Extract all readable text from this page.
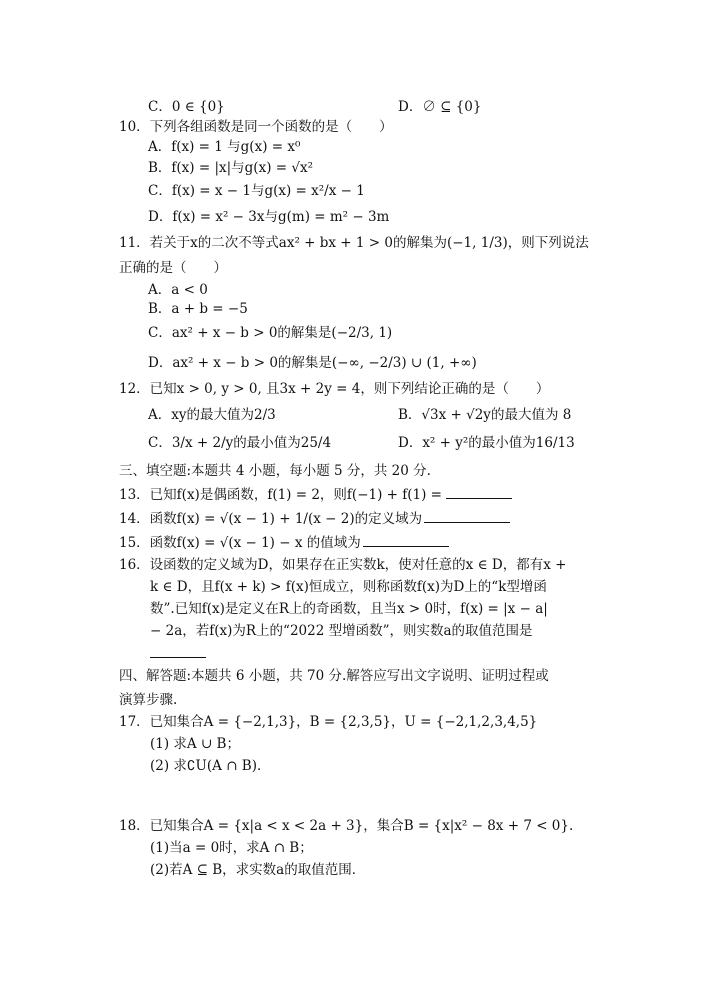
C．0 ∈ {0}	D．∅ ⊆ {0}
10．下列各组函数是同一个函数的是（　　）
A．f(x) = 1 与g(x) = x⁰
B．f(x) = |x|与g(x) = √x²
C．f(x) = x − 1与g(x) = x²/x − 1
D．f(x) = x² − 3x与g(m) = m² − 3m
11．若关于x的二次不等式ax² + bx + 1 > 0的解集为(−1, 1/3)，则下列说法
正确的是（　　）
A．a < 0
B．a + b = −5
C．ax² + x − b > 0的解集是(−2/3, 1)
D．ax² + x − b > 0的解集是(−∞, −2/3) ∪ (1, +∞)
12．已知x > 0, y > 0, 且3x + 2y = 4，则下列结论正确的是（　　）
A．xy的最大值为2/3	B．√3x + √2y的最大值为 8
C．3/x + 2/y的最小值为25/4	D．x² + y²的最小值为16/13
三、填空题:本题共 4 小题，每小题 5 分，共 20 分.
13．已知f(x)是偶函数，f(1) = 2，则f(−1) + f(1) =
14．函数f(x) = √(x − 1) + 1/(x − 2)的定义域为
15．函数f(x) = √(x − 1) − x 的值域为
16．设函数的定义域为D，如果存在正实数k，使对任意的x ∈ D，都有x +
k ∈ D，且f(x + k) > f(x)恒成立，则称函数f(x)为D上的“k型增函
数”.已知f(x)是定义在R上的奇函数，且当x > 0时，f(x) = |x − a|
− 2a，若f(x)为R上的“2022 型增函数”，则实数a的取值范围是
四、解答题:本题共 6 小题，共 70 分.解答应写出文字说明、证明过程或
演算步骤.
17．已知集合A = {−2,1,3}，B = {2,3,5}，U = {−2,1,2,3,4,5}
(1) 求A ∪ B；
(2) 求∁U(A ∩ B)．
18．已知集合A = {x|a < x < 2a + 3}，集合B = {x|x² − 8x + 7 < 0}.
(1)当a = 0时，求A ∩ B；
(2)若A ⊆ B，求实数a的取值范围．
